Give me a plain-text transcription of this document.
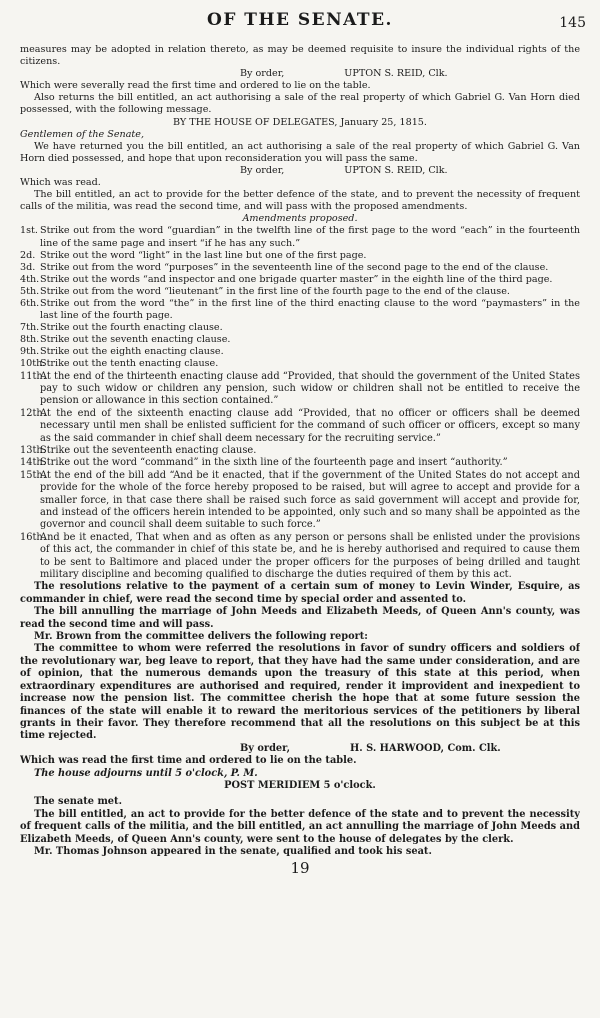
OF THE SENATE.	145

measures may be adopted in relation thereto, as may be deemed requisite to insure the individual rights of the citizens.

By order,	UPTON S. REID, Clk.

Which were severally read the first time and ordered to lie on the table.

Also returns the bill entitled, an act authorising a sale of the real property of which Gabriel G. Van Horn died possessed, with the following message.

BY THE HOUSE OF DELEGATES, January 25, 1815.

Gentlemen of the Senate,

We have returned you the bill entitled, an act authorising a sale of the real property of which Gabriel G. Van Horn died possessed, and hope that upon reconsideration you will pass the same.

By order,	UPTON S. REID, Clk.

Which was read.

The bill entitled, an act to provide for the better defence of the state, and to prevent the necessity of frequent calls of the militia, was read the second time, and will pass with the proposed amendments.

Amendments proposed.

1st. Strike out from the word “guardian” in the twelfth line of the first page to the word “each” in the fourteenth line of the same page and insert “if he has any such.”

2d. Strike out the word “light” in the last line but one of the first page.

3d. Strike out from the word “purposes” in the seventeenth line of the second page to the end of the clause.

4th.Strike out the words “and inspector and one brigade quarter master” in the eighth line of the third page.

5th.Strike out from the word “lieutenant” in the first line of the fourth page to the end of the clause.

6th.Strike out from the word “the” in the first line of the third enacting clause to the word “paymasters” in the last line of the fourth page.

7th.Strike out the fourth enacting clause.

8th.Strike out the seventh enacting clause.

9th.Strike out the eighth enacting clause.

10th.Strike out the tenth enacting clause.

11th.At the end of the thirteenth enacting clause add “Provided, that should the government of the United States pay to such widow or children any pension, such widow or children shall not be entitled to receive the pension or allowance in this section contained.”

12th.At the end of the sixteenth enacting clause add “Provided, that no officer or officers shall be deemed necessary until men shall be enlisted sufficient for the command of such officer or officers, except so many as the said commander in chief shall deem necessary for the recruiting service.”

13th.Strike out the seventeenth enacting clause.

14th.Strike out the word “command” in the sixth line of the fourteenth page and insert “authority.”

15th.At the end of the bill add “And be it enacted, that if the government of the United States do not accept and provide for the whole of the force hereby proposed to be raised, but will agree to accept and provide for a smaller force, in that case there shall be raised such force as said government will accept and provide for, and instead of the officers herein intended to be appointed, only such and so many shall be appointed as the governor and council shall deem suitable to such force.”

16th.And be it enacted, That when and as often as any person or persons shall be enlisted under the provisions of this act, the commander in chief of this state be, and he is hereby authorised and required to cause them to be sent to Baltimore and placed under the proper officers for the purposes of being drilled and taught military discipline and becoming qualified to discharge the duties required of them by this act.

The resolutions relative to the payment of a certain sum of money to Levin Winder, Esquire, as commander in chief, were read the second time by special order and assented to.

The bill annulling the marriage of John Meeds and Elizabeth Meeds, of Queen Ann's county, was read the second time and will pass.

Mr. Brown from the committee delivers the following report:

The committee to whom were referred the resolutions in favor of sundry officers and soldiers of the revolutionary war, beg leave to report, that they have had the same under consideration, and are of opinion, that the numerous demands upon the treasury of this state at this period, when extraordinary expenditures are authorised and required, render it improvident and inexpedient to increase now the pension list. The committee cherish the hope that at some future session the finances of the state will enable it to reward the meritorious services of the petitioners by liberal grants in their favor. They therefore recommend that all the resolutions on this subject be at this time rejected.

By order,	H. S. HARWOOD, Com. Clk.

Which was read the first time and ordered to lie on the table.

The house adjourns until 5 o'clock, P. M.

POST MERIDIEM 5 o'clock.

The senate met.

The bill entitled, an act to provide for the better defence of the state and to prevent the necessity of frequent calls of the militia, and the bill entitled, an act annulling the marriage of John Meeds and Elizabeth Meeds, of Queen Ann's county, were sent to the house of delegates by the clerk.

Mr. Thomas Johnson appeared in the senate, qualified and took his seat.

19
